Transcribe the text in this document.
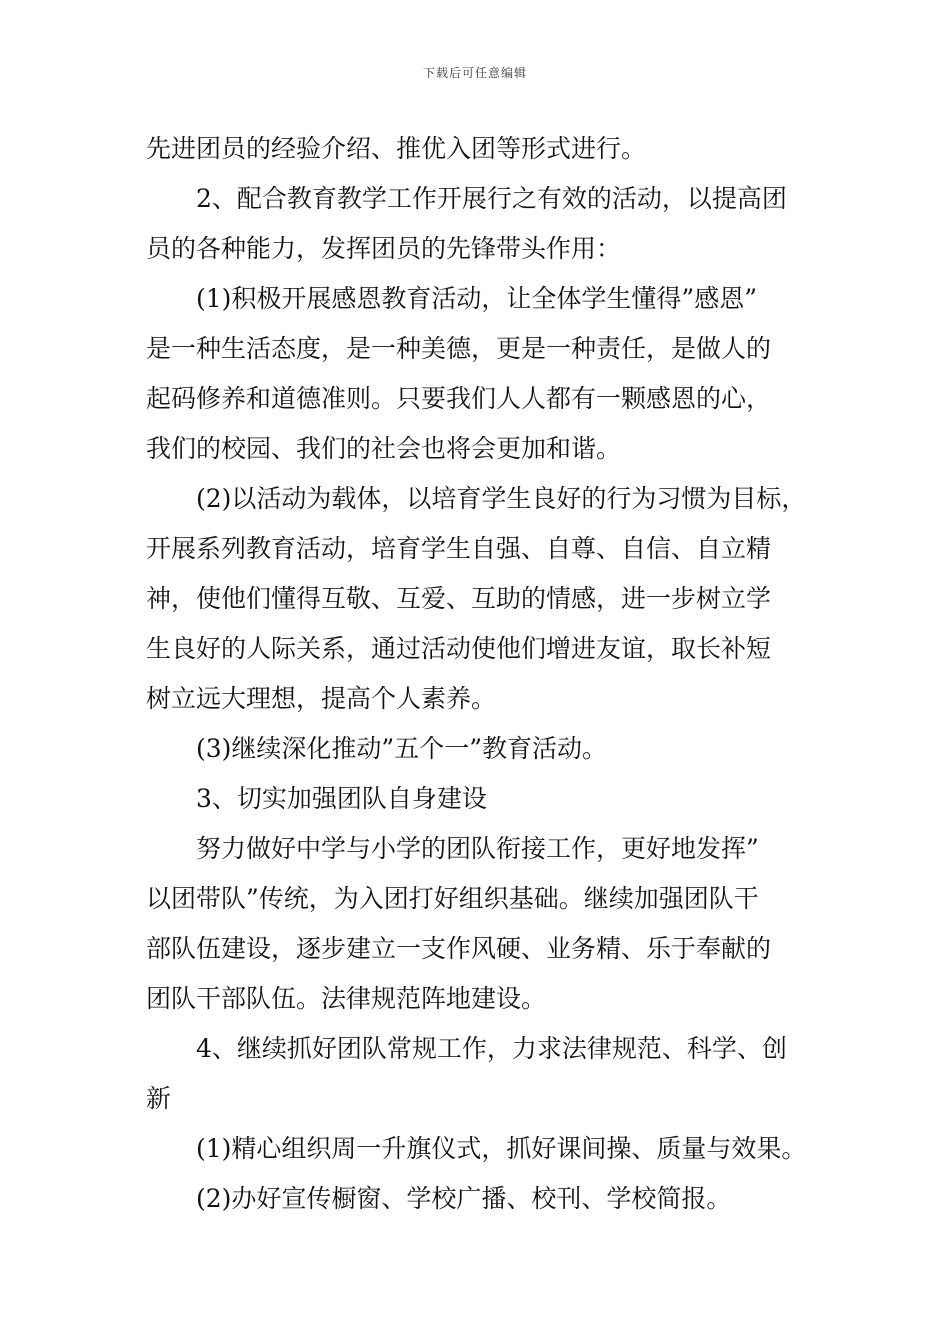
下载后可任意编辑
先进团员的经验介绍、推优入团等形式进行。
2、配合教育教学工作开展行之有效的活动，以提高团
员的各种能力，发挥团员的先锋带头作用：
(1)积极开展感恩教育活动，让全体学生懂得”感恩”
是一种生活态度，是一种美德，更是一种责任，是做人的
起码修养和道德准则。只要我们人人都有一颗感恩的心，
我们的校园、我们的社会也将会更加和谐。
(2)以活动为载体，以培育学生良好的行为习惯为目标，
开展系列教育活动，培育学生自强、自尊、自信、自立精
神，使他们懂得互敬、互爱、互助的情感，进一步树立学
生良好的人际关系，通过活动使他们增进友谊，取长补短
树立远大理想，提高个人素养。
(3)继续深化推动”五个一”教育活动。
3、切实加强团队自身建设
努力做好中学与小学的团队衔接工作，更好地发挥”
以团带队”传统，为入团打好组织基础。继续加强团队干
部队伍建设，逐步建立一支作风硬、业务精、乐于奉献的
团队干部队伍。法律规范阵地建设。
4、继续抓好团队常规工作，力求法律规范、科学、创
新
(1)精心组织周一升旗仪式，抓好课间操、质量与效果。
(2)办好宣传橱窗、学校广播、校刊、学校简报。
